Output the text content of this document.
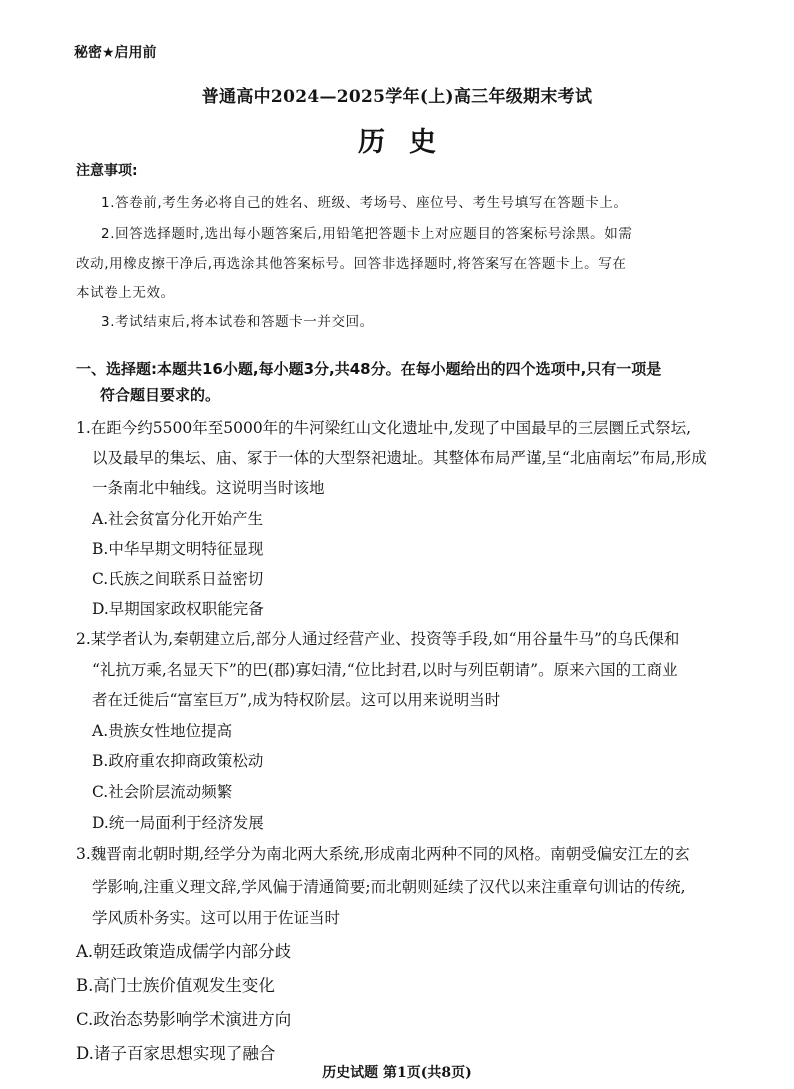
秘密★启用前
普通高中2024—2025学年(上)高三年级期末考试
历史
注意事项:
1.答卷前,考生务必将自己的姓名、班级、考场号、座位号、考生号填写在答题卡上。
2.回答选择题时,选出每小题答案后,用铅笔把答题卡上对应题目的答案标号涂黑。如需
改动,用橡皮擦干净后,再选涂其他答案标号。回答非选择题时,将答案写在答题卡上。写在
本试卷上无效。
3.考试结束后,将本试卷和答题卡一并交回。
一、选择题:本题共16小题,每小题3分,共48分。在每小题给出的四个选项中,只有一项是
符合题目要求的。
1.在距今约5500年至5000年的牛河梁红山文化遗址中,发现了中国最早的三层圜丘式祭坛,
以及最早的集坛、庙、冢于一体的大型祭祀遗址。其整体布局严谨,呈“北庙南坛”布局,形成
一条南北中轴线。这说明当时该地
A.社会贫富分化开始产生
B.中华早期文明特征显现
C.氏族之间联系日益密切
D.早期国家政权职能完备
2.某学者认为,秦朝建立后,部分人通过经营产业、投资等手段,如“用谷量牛马”的乌氏倮和
“礼抗万乘,名显天下”的巴(郡)寡妇清,“位比封君,以时与列臣朝请”。原来六国的工商业
者在迁徙后“富室巨万”,成为特权阶层。这可以用来说明当时
A.贵族女性地位提高
B.政府重农抑商政策松动
C.社会阶层流动频繁
D.统一局面利于经济发展
3.魏晋南北朝时期,经学分为南北两大系统,形成南北两种不同的风格。南朝受偏安江左的玄
学影响,注重义理文辞,学风偏于清通简要;而北朝则延续了汉代以来注重章句训诂的传统,
学风质朴务实。这可以用于佐证当时
A.朝廷政策造成儒学内部分歧
B.高门士族价值观发生变化
C.政治态势影响学术演进方向
D.诸子百家思想实现了融合
历史试题 第1页(共8页)
